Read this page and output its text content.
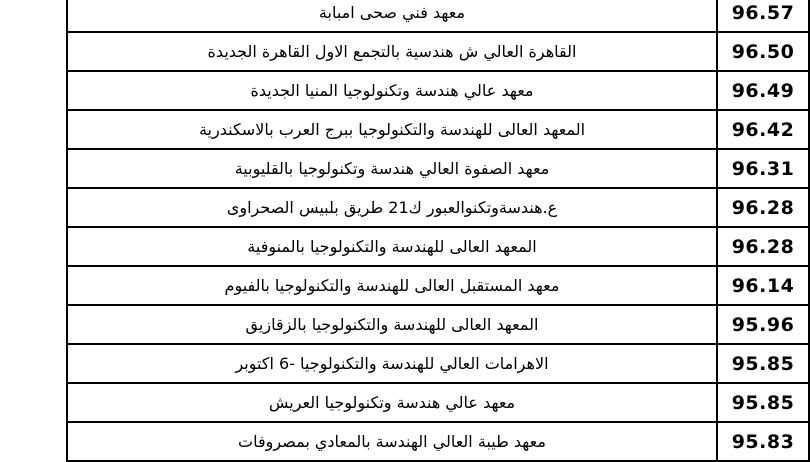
معهد فني صحى امبابة	96.57
القاهرة العالي ش هندسية بالتجمع الاول القاهرة الجديدة	96.50
معهد عالي هندسة وتكنولوجيا المنيا الجديدة	96.49
المعهد العالى للهندسة والتكنولوجيا ببرج العرب بالاسكندرية	96.42
معهد الصفوة العالي هندسة وتكنولوجيا بالقليوبية	96.31
ع.هندسةوتكنوالعبور ك21 طريق بلبيس الصحراوى	96.28
المعهد العالى للهندسة والتكنولوجيا بالمنوفية	96.28
معهد المستقبل العالى للهندسة والتكنولوجيا بالفيوم	96.14
المعهد العالى للهندسة والتكنولوجيا بالزقازيق	95.96
الاهرامات العالي للهندسة والتكنولوجيا -6 اكتوبر	95.85
معهد عالي هندسة وتكنولوجيا العريش	95.85
معهد طيبة العالي الهندسة بالمعادي بمصروفات	95.83
